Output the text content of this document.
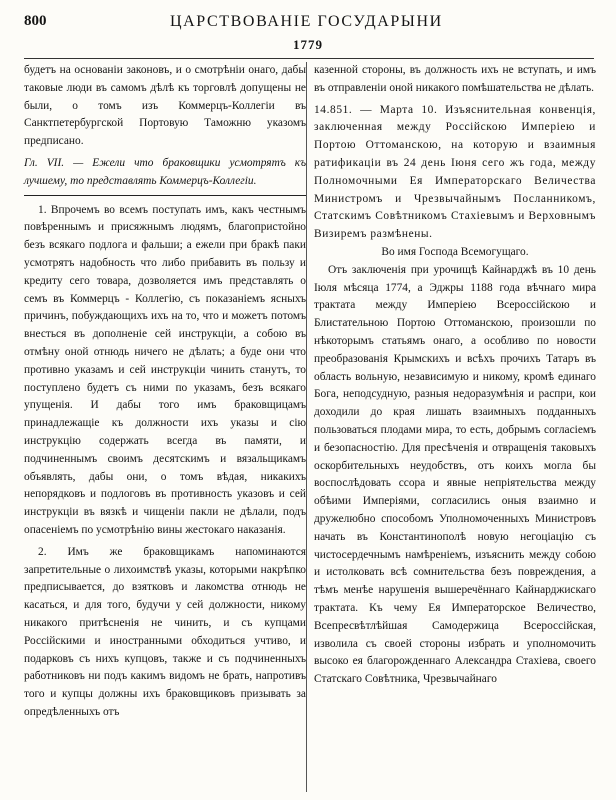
800	ЦАРСТВОВАНІЕ ГОСУДАРЫНИ
1779

будетъ на основаніи законовъ, и о смотрѣніи онаго, дабы таковые люди въ самомъ дѣлѣ къ торговлѣ допущены не были, о томъ изъ Коммерцъ-Коллегіи въ Санктпетербургской Портовую Таможню указомъ предписано.

Гл. VII. — Ежели что браковщики усмотрятъ къ лучшему, то представлять Коммерцъ-Коллегіи.

1. Впрочемъ во всемъ поступать имъ, какъ честнымъ повѣреннымъ и присяжнымъ людямъ, благопристойно безъ всякаго подлога и фальши; а ежели при бракѣ паки усмотрятъ надобность что либо прибавить въ пользу и кредиту сего товара, дозволяется имъ представлять о семъ въ Коммерцъ - Коллегію, съ показаніемъ ясныхъ причинъ, побуждающихъ ихъ на то, что и можетъ потомъ внесться въ дополненіе сей инструкціи, а собою въ отмѣну оной отнюдь ничего не дѣлать; а буде они что противно указамъ и сей инструкціи чинить станутъ, то поступлено будетъ съ ними по указамъ, безъ всякаго упущенія. И дабы того имъ браковщицамъ принадлежащіе къ должности ихъ указы и сію инструкцію содержать всегда въ памяти, и подчиненнымъ своимъ десятскимъ и вязальщикамъ объявлять, дабы они, о томъ вѣдая, никакихъ непорядковъ и подлоговъ въ противность указовъ и сей инструкціи въ вязкѣ и чищеніи пакли не дѣлали, подъ опасеніемъ по усмотрѣнію вины жестокаго наказанія.

2. Имъ же браковщикамъ напоминаются запретительные о лихоимствѣ указы, которыми накрѣпко предписывается, до взятковъ и лакомства отнюдь не касаться, и для того, будучи у сей должности, никому никакого притѣсненія не чинить, и съ купцами Россійскими и иностранными обходиться учтиво, и подарковъ съ нихъ купцовъ, также и съ подчиненныхъ работниковъ ни подъ какимъ видомъ не брать, напротивъ того и купцы должны ихъ браковщиковъ призывать за опредѣленныхъ отъ

казенной стороны, въ должность ихъ не вступать, и имъ въ отправленіи оной никакого помѣшательства не дѣлать.

14.851. — Марта 10. Изъяснительная конвенція, заключенная между Россійскою Имперіею и Портою Оттоманскою, на которую и взаимныя ратификаціи въ 24 день Іюня сего жъ года, между Полномочными Ея Императорскаго Величества Министромъ и Чрезвычайнымъ Посланникомъ, Статскимъ Совѣтникомъ Стахіевымъ и Верховнымъ Визиремъ размѣнены.

Во имя Господа Всемогущаго.

Отъ заключенія при урочищѣ Кайнарджѣ въ 10 день Іюля мѣсяца 1774, а Эджры 1188 года вѣчнаго мира трактата между Имперіею Всероссійскою и Блистательною Портою Оттоманскою, произошли по нѣкоторымъ статьямъ онаго, а особливо по новости преобразованія Крымскихъ и всѣхъ прочихъ Татаръ въ область вольную, независимую и никому, кромѣ единаго Бога, неподсудную, разныя недоразумѣнія и распри, кои доходили до края лишать взаимныхъ подданныхъ пользоваться плодами мира, то есть, добрымъ согласіемъ и безопасностію. Для пресѣченія и отвращенія таковыхъ оскорбительныхъ неудобствъ, отъ коихъ могла бы воспослѣдовать ссора и явные непріятельства между обѣими Имперіями, согласились оныя взаимно и дружелюбно способомъ Уполномоченныхъ Министровъ начать въ Константинополѣ новую негоціацію съ чистосердечнымъ намѣреніемъ, изъяснить между собою и истолковать всѣ сомнительства безъ повреждения, а тѣмъ менѣе нарушенія вышеречённаго Кайнарджискаго трактата. Къ чему Ея Императорское Величество, Всепресвѣтлѣйшая Самодержица Всероссійская, изволила съ своей стороны избрать и уполномочить высоко ея благорожденнаго Александра Стахіева, своего Статскаго Совѣтника, Чрезвычайнаго
